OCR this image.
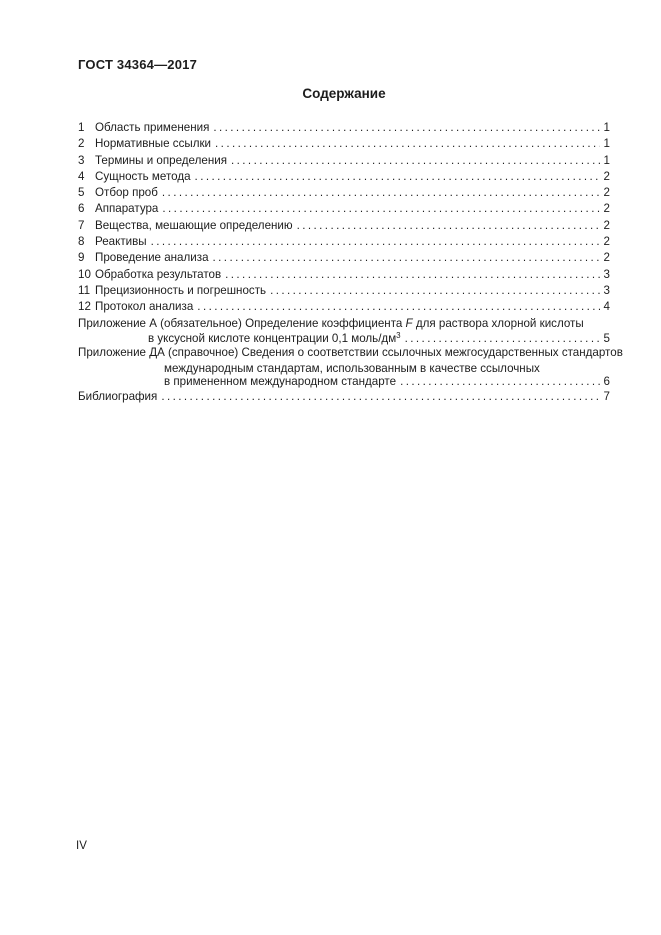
ГОСТ 34364—2017
Содержание
1 Область применения . . .	1
2 Нормативные ссылки . . .	1
3 Термины и определения . . .	1
4 Сущность метода . . .	2
5 Отбор проб . . .	2
6 Аппаратура . . .	2
7 Вещества, мешающие определению . . .	2
8 Реактивы . . .	2
9 Проведение анализа . . .	2
10 Обработка результатов . . .	3
11 Прецизионность и погрешность . . .	3
12 Протокол анализа . . .	4
Приложение А (обязательное) Определение коэффициента F для раствора хлорной кислоты
в уксусной кислоте концентрации 0,1 моль/$дм^3$ . . .	5
Приложение ДА (справочное) Сведения о соответствии ссылочных межгосударственных стандартов
международным стандартам, использованным в качестве ссылочных
в примененном международном стандарте . . .	6
Библиография . . .	7
IV
